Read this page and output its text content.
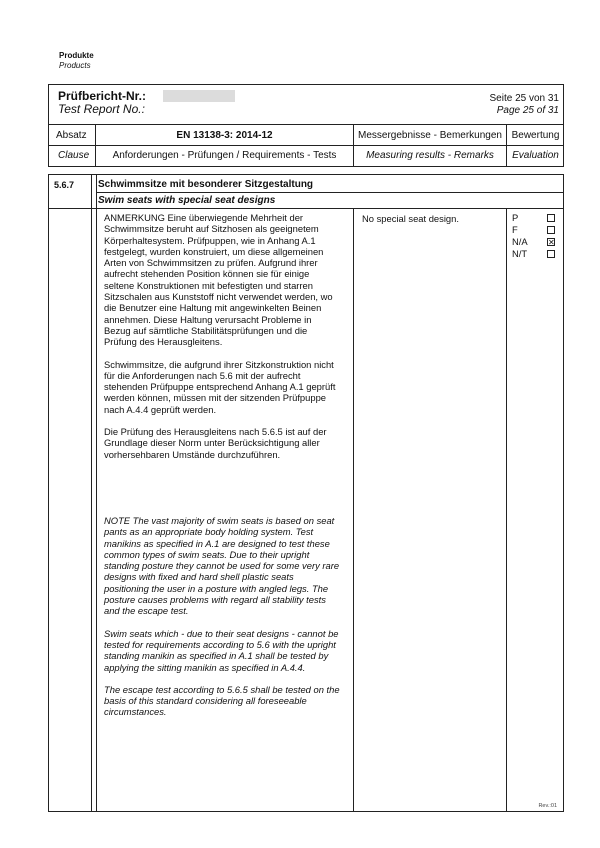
Produkte
Products
Prüfbericht-Nr.:
Test Report No.:
Seite 25 von 31
Page 25 of 31
Absatz
Clause
EN 13138-3: 2014-12
Anforderungen - Prüfungen / Requirements - Tests
Messergebnisse - Bemerkungen
Measuring results - Remarks
Bewertung
Evaluation
5.6.7 Schwimmsitze mit besonderer Sitzgestaltung
Swim seats with special seat designs

ANMERKUNG Eine überwiegende Mehrheit der
Schwimmsitze beruht auf Sitzhosen als geeignetem
Körperhaltesystem. Prüfpuppen, wie in Anhang A.1
festgelegt, wurden konstruiert, um diese allgemeinen
Arten von Schwimmsitzen zu prüfen. Aufgrund ihrer
aufrecht stehenden Position können sie für einige
seltene Konstruktionen mit befestigten und starren
Sitzschalen aus Kunststoff nicht verwendet werden, wo
die Benutzer eine Haltung mit angewinkelten Beinen
annehmen. Diese Haltung verursacht Probleme in
Bezug auf sämtliche Stabilitätsprüfungen und die
Prüfung des Herausgleitens.

Schwimmsitze, die aufgrund ihrer Sitzkonstruktion nicht
für die Anforderungen nach 5.6 mit der aufrecht
stehenden Prüfpuppe entsprechend Anhang A.1 geprüft
werden können, müssen mit der sitzenden Prüfpuppe
nach A.4.4 geprüft werden.

Die Prüfung des Herausgleitens nach 5.6.5 ist auf der
Grundlage dieser Norm unter Berücksichtigung aller
vorhersehbaren Umstände durchzuführen.

NOTE The vast majority of swim seats is based on seat
pants as an appropriate body holding system. Test
manikins as specified in A.1 are designed to test these
common types of swim seats. Due to their upright
standing posture they cannot be used for some very rare
designs with fixed and hard shell plastic seats
positioning the user in a posture with angled legs. The
posture causes problems with regard all stability tests
and the escape test.

Swim seats which - due to their seat designs - cannot be
tested for requirements according to 5.6 with the upright
standing manikin as specified in A.1 shall be tested by
applying the sitting manikin as specified in A.4.4.

The escape test according to 5.6.5 shall be tested on the
basis of this standard considering all foreseeable
circumstances.

No special seat design.	P
F
N/A
N/T
✕
Rev.:01
